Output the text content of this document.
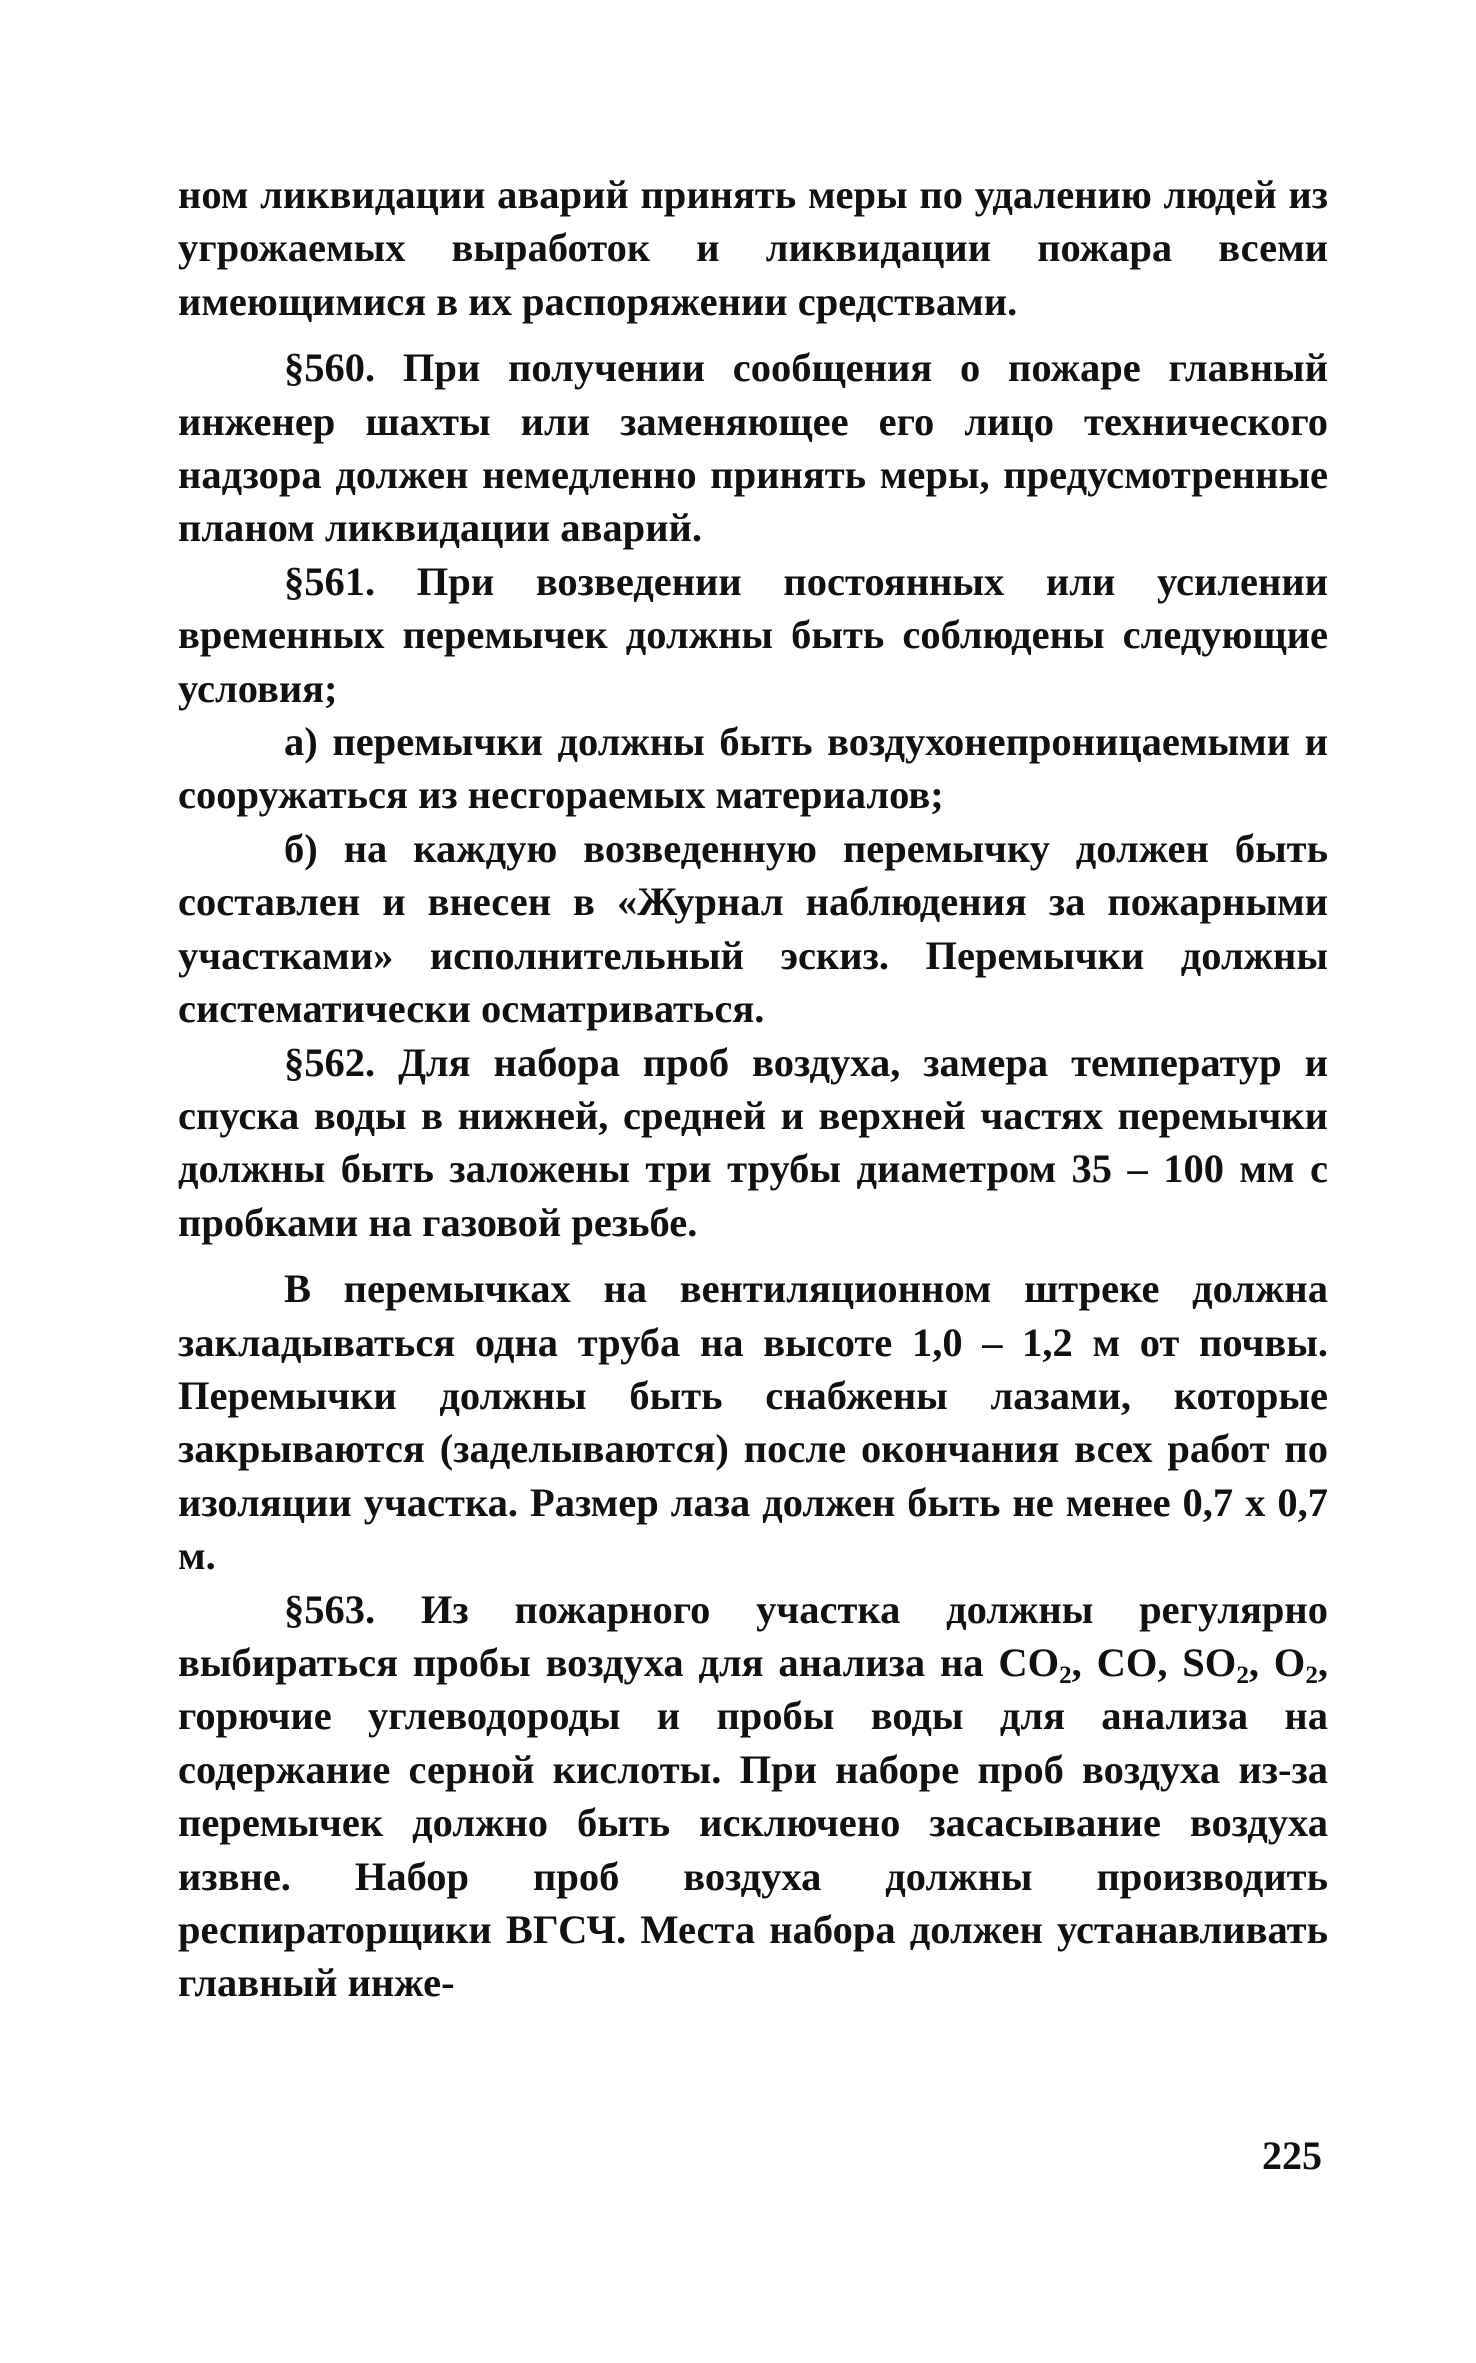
ном ликвидации аварий принять меры по удалению людей из угрожаемых выработок и ликвидации пожара всеми имеющимися в их распоряжении средствами.

§560. При получении сообщения о пожаре главный инженер шахты или заменяющее его лицо технического надзора должен немедленно принять меры, предусмотренные планом ликвидации аварий.

§561. При возведении постоянных или усилении временных перемычек должны быть соблюдены следующие условия;

а) перемычки должны быть воздухонепроницаемыми и сооружаться из несгораемых материалов;

б) на каждую возведенную перемычку должен быть составлен и внесен в «Журнал наблюдения за пожарными участками» исполнительный эскиз. Перемычки должны систематически осматриваться.

§562. Для набора проб воздуха, замера температур и спуска воды в нижней, средней и верхней частях перемычки должны быть заложены три трубы диаметром 35 – 100 мм с пробками на газовой резьбе.

В перемычках на вентиляционном штреке должна закладываться одна труба на высоте 1,0 – 1,2 м от почвы. Перемычки должны быть снабжены лазами, которые закрываются (заделываются) после окончания всех работ по изоляции участка. Размер лаза должен быть не менее 0,7 х 0,7 м.

§563. Из пожарного участка должны регулярно выбираться пробы воздуха для анализа на $CO_2$, CO, $SO_2$, $O_2$, горючие углеводороды и пробы воды для анализа на содержание серной кислоты. При наборе проб воздуха из-за перемычек должно быть исключено засасывание воздуха извне. Набор проб воздуха должны производить респираторщики ВГСЧ. Места набора должен устанавливать главный инже-

225
